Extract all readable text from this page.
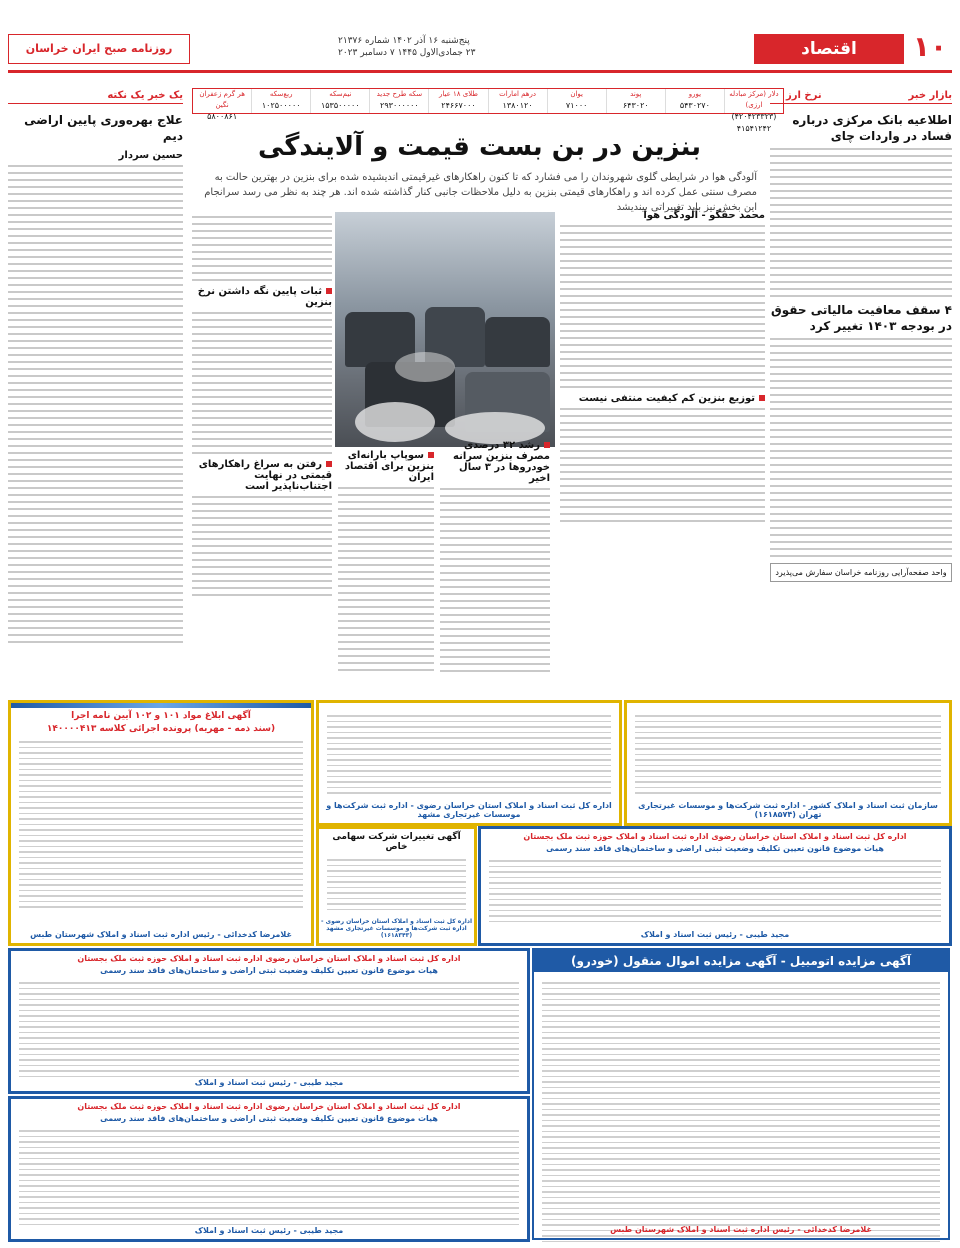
۱۰
اقتصاد
پنج‌شنبه ۱۶ آذر ۱۴۰۲ شماره ۲۱۳۷۶
۲۳ جمادی‌الاول ۱۴۴۵ ۷ دسامبر ۲۰۲۳
روزنامه صبح ایران خراسان
نرخ ارز
دلار (مرکز مبادله ارزی)
(۴۲۰۴۲۳۳۲۳) ۴۱۵۴۱۲۴۲
یورو
۵۴۳۰۲۷۰
پوند
۶۴۳۰۲۰
یوان
۷۱۰۰۰
درهم امارات
۱۳۸۰۱۲۰
طلای ۱۸ عیار
۲۴۶۶۷۰۰۰
سکه طرح جدید
۲۹۳۰۰۰۰۰۰
نیم‌سکه
۱۵۳۵۰۰۰۰۰
ربع‌سکه
۱۰۲۵۰۰۰۰۰
هر گرم زعفران نگین
۵۸۰۰۸۶۱
بازار خبر
اطلاعیه بانک مرکزی درباره فساد در واردات چای
۴ سقف معافیت مالیاتی حقوق در بودجه ۱۴۰۳ تغییر کرد
واحد صفحه‌آرایی روزنامه خراسان سفارش می‌پذیرد
یک خبر یک نکته
علاج بهره‌وری پایین اراضی دیم
حسین سردار	بنزین در بن بست قیمت و آلایندگی
آلودگی هوا در شرایطی گلوی شهروندان را می فشارد که تا کنون راهکارهای غیرقیمتی اندیشیده شده برای بنزین در بهترین حالت به مصرف سنتی عمل کرده اند و راهکارهای قیمتی بنزین به دلیل ملاحظات جانبی کنار گذاشته شده اند. هر چند به نظر می رسد سرانجام این بخش نیز باید تغییراتی بیندیشد
محمد حقگو - آلودگی هوا
توزیع بنزین کم کیفیت منتفی نیست
رشد ۳۲ درصدی مصرف بنزین سرانه خودروها در ۳ سال اخیر
سوپاپ بارانه‌ای بنزین برای اقتصاد ایران
ثبات پایین نگه داشتن نرخ بنزین
رفتن به سراغ راهکارهای قیمتی در نهایت اجتناب‌ناپذیر است
آگهی ابلاغ مواد ۱۰۱ و ۱۰۲ آیین نامه اجرا
(سند ذمه - مهریه) پرونده اجرائی کلاسه ۱۴۰۰۰۰۴۱۳
غلامرضا کدخدائی - رئیس اداره ثبت اسناد و املاک شهرستان طبس
اداره کل ثبت اسناد و املاک استان خراسان رضوی - اداره ثبت شرکت‌ها و موسسات غیرتجاری مشهد
سازمان ثبت اسناد و املاک کشور - اداره ثبت شرکت‌ها و موسسات غیرتجاری تهران (۱۶۱۸۵۷۴)
آگهی تغییرات شرکت سهامی خاص
اداره کل ثبت اسناد و املاک استان خراسان رضوی - اداره ثبت شرکت‌ها و موسسات غیرتجاری مشهد (۱۶۱۸۳۴۳)
اداره کل ثبت اسناد و املاک استان خراسان رضوی اداره ثبت اسناد و املاک حوزه ثبت ملک بجستان
هیات موضوع قانون تعیین تکلیف وضعیت ثبتی اراضی و ساختمان‌های فاقد سند رسمی
مجید طیبی - رئیس ثبت اسناد و املاک
آگهی مزایده اتومبیل - آگهی مزایده اموال منقول (خودرو)
غلامرضا کدخدائی - رئیس اداره ثبت اسناد و املاک شهرستان طبس
اداره کل ثبت اسناد و املاک استان خراسان رضوی اداره ثبت اسناد و املاک حوزه ثبت ملک بجستان
هیات موضوع قانون تعیین تکلیف وضعیت ثبتی اراضی و ساختمان‌های فاقد سند رسمی
مجید طیبی - رئیس ثبت اسناد و املاک
اداره کل ثبت اسناد و املاک استان خراسان رضوی اداره ثبت اسناد و املاک حوزه ثبت ملک بجستان
هیات موضوع قانون تعیین تکلیف وضعیت ثبتی اراضی و ساختمان‌های فاقد سند رسمی
مجید طیبی - رئیس ثبت اسناد و املاک
